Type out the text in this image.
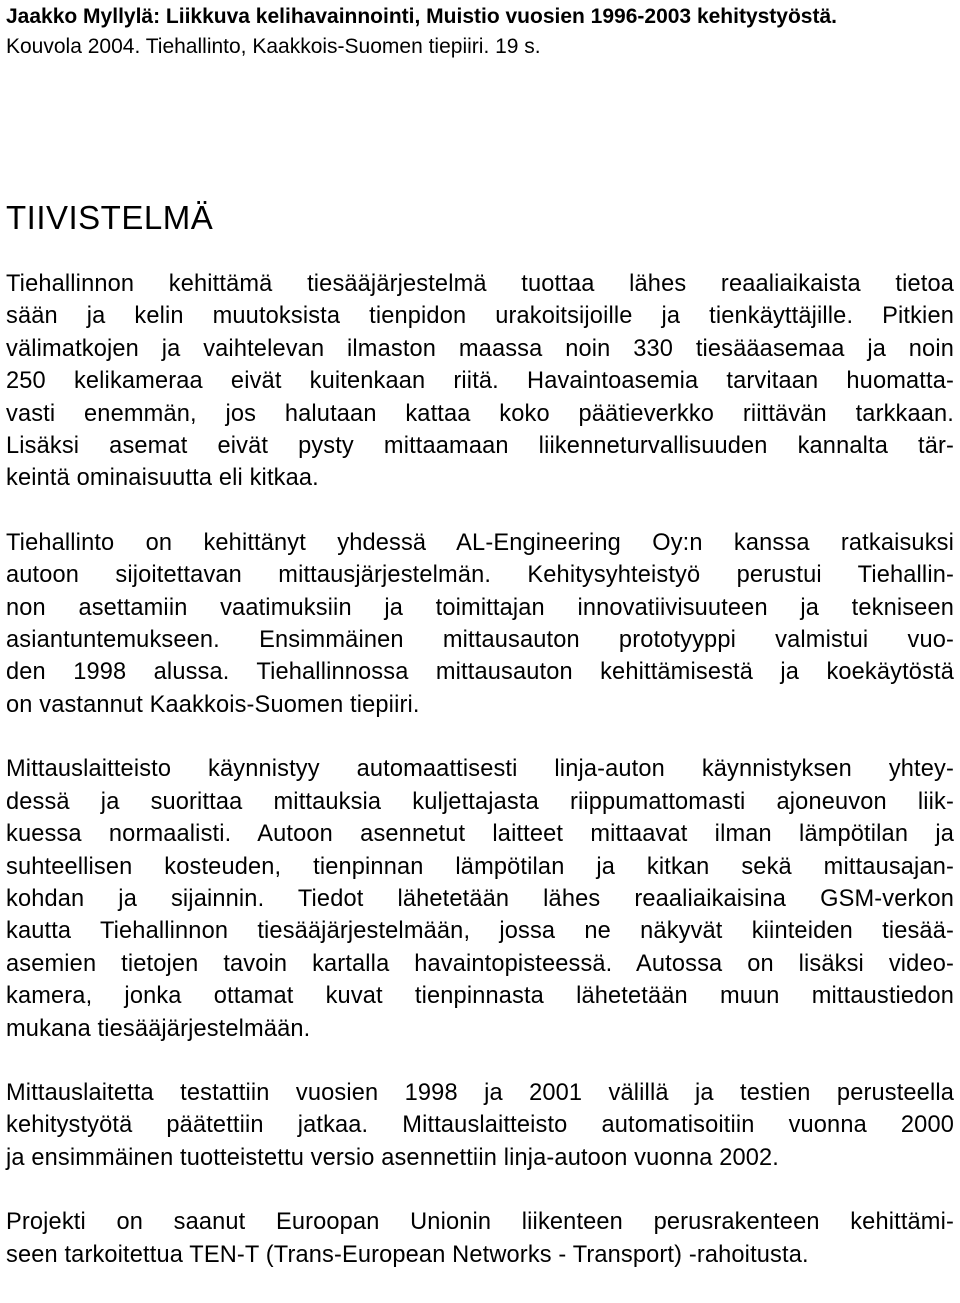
Jaakko Myllylä: Liikkuva kelihavainnointi, Muistio vuosien 1996-2003 kehitystyöstä.
Kouvola 2004. Tiehallinto, Kaakkois-Suomen tiepiiri. 19 s.
TIIVISTELMÄ
Tiehallinnon kehittämä tiesääjärjestelmä tuottaa lähes reaaliaikaista tietoa
sään ja kelin muutoksista tienpidon urakoitsijoille ja tienkäyttäjille. Pitkien
välimatkojen ja vaihtelevan ilmaston maassa noin 330 tiesääasemaa ja noin
250 kelikameraa eivät kuitenkaan riitä. Havaintoasemia tarvitaan huomatta-
vasti enemmän, jos halutaan kattaa koko päätieverkko riittävän tarkkaan.
Lisäksi asemat eivät pysty mittaamaan liikenneturvallisuuden kannalta tär-
keintä ominaisuutta eli kitkaa.
Tiehallinto on kehittänyt yhdessä AL-Engineering Oy:n kanssa ratkaisuksi
autoon sijoitettavan mittausjärjestelmän. Kehitysyhteistyö perustui Tiehallin-
non asettamiin vaatimuksiin ja toimittajan innovatiivisuuteen ja tekniseen
asiantuntemukseen. Ensimmäinen mittausauton prototyyppi valmistui vuo-
den 1998 alussa. Tiehallinnossa mittausauton kehittämisestä ja koekäytöstä
on vastannut Kaakkois-Suomen tiepiiri.
Mittauslaitteisto käynnistyy automaattisesti linja-auton käynnistyksen yhtey-
dessä ja suorittaa mittauksia kuljettajasta riippumattomasti ajoneuvon liik-
kuessa normaalisti. Autoon asennetut laitteet mittaavat ilman lämpötilan ja
suhteellisen kosteuden, tienpinnan lämpötilan ja kitkan sekä mittausajan-
kohdan ja sijainnin. Tiedot lähetetään lähes reaaliaikaisina GSM-verkon
kautta Tiehallinnon tiesääjärjestelmään, jossa ne näkyvät kiinteiden tiesää-
asemien tietojen tavoin kartalla havaintopisteessä. Autossa on lisäksi video-
kamera, jonka ottamat kuvat tienpinnasta lähetetään muun mittaustiedon
mukana tiesääjärjestelmään.
Mittauslaitetta testattiin vuosien 1998 ja 2001 välillä ja testien perusteella
kehitystyötä päätettiin jatkaa. Mittauslaitteisto automatisoitiin vuonna 2000
ja ensimmäinen tuotteistettu versio asennettiin linja-autoon vuonna 2002.
Projekti on saanut Euroopan Unionin liikenteen perusrakenteen kehittämi-
seen tarkoitettua TEN-T (Trans-European Networks - Transport) -rahoitusta.
